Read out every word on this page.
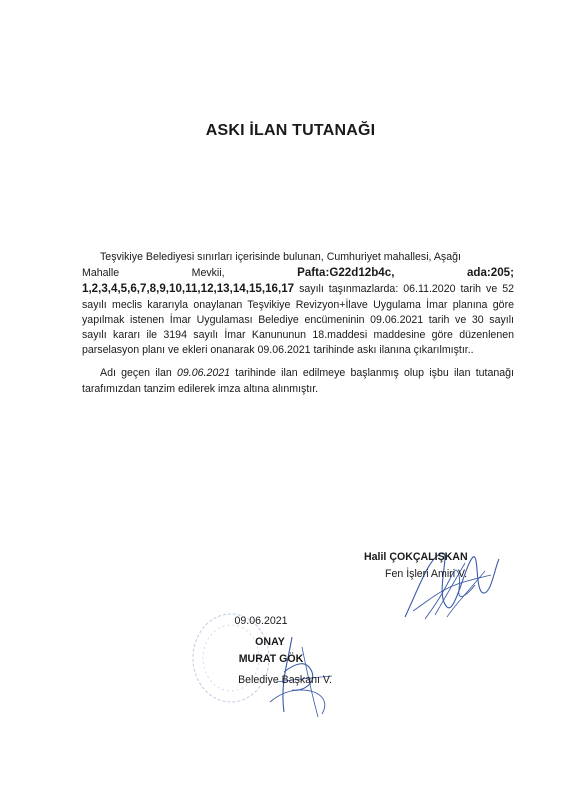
ASKI İLAN TUTANAĞI

Teşvikiye Belediyesi sınırları içerisinde bulunan, Cumhuriyet mahallesi, Aşağı

Mahalle	Mevkii,	Pafta:G22d12b4c,	ada:205;

1,2,3,4,5,6,7,8,9,10,11,12,13,14,15,16,17 sayılı taşınmazlarda: 06.11.2020 tarih ve 52 sayılı meclis kararıyla onaylanan Teşvikiye Revizyon+İlave Uygulama İmar planına göre yapılmak istenen İmar Uygulaması Belediye encümeninin 09.06.2021 tarih ve 30 sayılı sayılı kararı ile 3194 sayılı İmar Kanununun 18.maddesi maddesine göre düzenlenen parselasyon planı ve ekleri onanarak 09.06.2021 tarihinde askı ilanına çıkarılmıştır..

Adı geçen ilan 09.06.2021 tarihinde ilan edilmeye başlanmış olup işbu ilan tutanağı tarafımızdan tanzim edilerek imza altına alınmıştır.

Halil ÇOKÇALIŞKAN
Fen İşleri Amiri V.
09.06.2021
ONAY
MURAT GÖK
Belediye Başkanı V.
